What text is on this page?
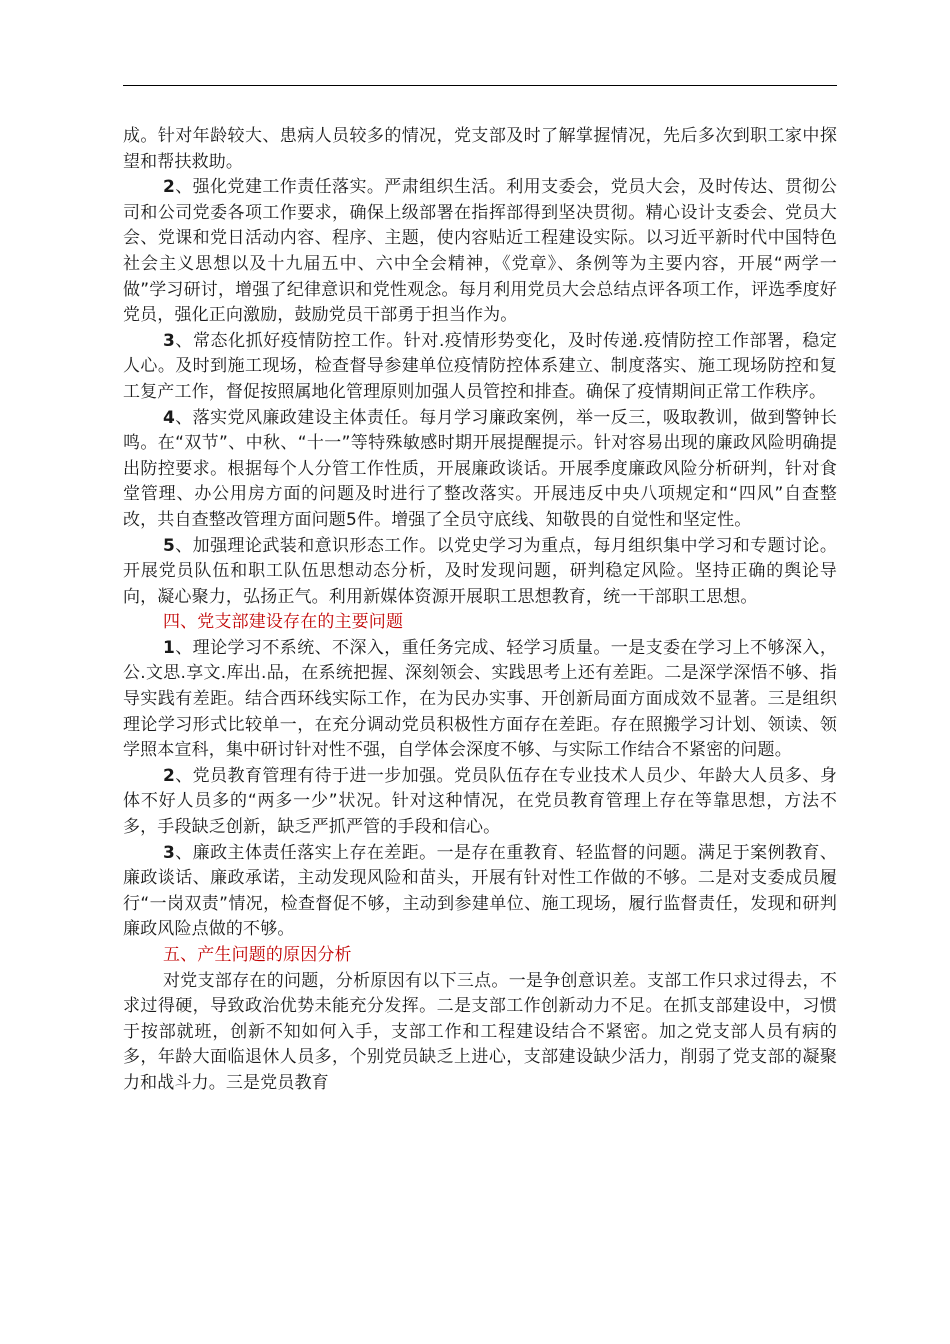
成。针对年龄较大、患病人员较多的情况，党支部及时了解掌握情况，先后多次到职工家中探望和帮扶救助。

2、强化党建工作责任落实。严肃组织生活。利用支委会，党员大会，及时传达、贯彻公司和公司党委各项工作要求，确保上级部署在指挥部得到坚决贯彻。精心设计支委会、党员大会、党课和党日活动内容、程序、主题，使内容贴近工程建设实际。以习近平新时代中国特色社会主义思想以及十九届五中、六中全会精神，《党章》、条例等为主要内容，开展“两学一做”学习研讨，增强了纪律意识和党性观念。每月利用党员大会总结点评各项工作，评选季度好党员，强化正向激励，鼓励党员干部勇于担当作为。

3、常态化抓好疫情防控工作。针对.疫情形势变化，及时传递.疫情防控工作部署，稳定人心。及时到施工现场，检查督导参建单位疫情防控体系建立、制度落实、施工现场防控和复工复产工作，督促按照属地化管理原则加强人员管控和排查。确保了疫情期间正常工作秩序。

4、落实党风廉政建设主体责任。每月学习廉政案例，举一反三，吸取教训，做到警钟长鸣。在“双节”、中秋、“十一”等特殊敏感时期开展提醒提示。针对容易出现的廉政风险明确提出防控要求。根据每个人分管工作性质，开展廉政谈话。开展季度廉政风险分析研判，针对食堂管理、办公用房方面的问题及时进行了整改落实。开展违反中央八项规定和“四风”自查整改，共自查整改管理方面问题5件。增强了全员守底线、知敬畏的自觉性和坚定性。

5、加强理论武装和意识形态工作。以党史学习为重点，每月组织集中学习和专题讨论。开展党员队伍和职工队伍思想动态分析，及时发现问题，研判稳定风险。坚持正确的舆论导向，凝心聚力，弘扬正气。利用新媒体资源开展职工思想教育，统一干部职工思想。

四、党支部建设存在的主要问题

1、理论学习不系统、不深入，重任务完成、轻学习质量。一是支委在学习上不够深入，公.文思.享文.库出.品，在系统把握、深刻领会、实践思考上还有差距。二是深学深悟不够、指导实践有差距。结合西环线实际工作，在为民办实事、开创新局面方面成效不显著。三是组织理论学习形式比较单一，在充分调动党员积极性方面存在差距。存在照搬学习计划、领读、领学照本宣科，集中研讨针对性不强，自学体会深度不够、与实际工作结合不紧密的问题。

2、党员教育管理有待于进一步加强。党员队伍存在专业技术人员少、年龄大人员多、身体不好人员多的“两多一少”状况。针对这种情况，在党员教育管理上存在等靠思想，方法不多，手段缺乏创新，缺乏严抓严管的手段和信心。

3、廉政主体责任落实上存在差距。一是存在重教育、轻监督的问题。满足于案例教育、廉政谈话、廉政承诺，主动发现风险和苗头，开展有针对性工作做的不够。二是对支委成员履行“一岗双责”情况，检查督促不够，主动到参建单位、施工现场，履行监督责任，发现和研判廉政风险点做的不够。

五、产生问题的原因分析

对党支部存在的问题，分析原因有以下三点。一是争创意识差。支部工作只求过得去，不求过得硬，导致政治优势未能充分发挥。二是支部工作创新动力不足。在抓支部建设中，习惯于按部就班，创新不知如何入手，支部工作和工程建设结合不紧密。加之党支部人员有病的多，年龄大面临退休人员多，个别党员缺乏上进心，支部建设缺少活力，削弱了党支部的凝聚力和战斗力。三是党员教育
